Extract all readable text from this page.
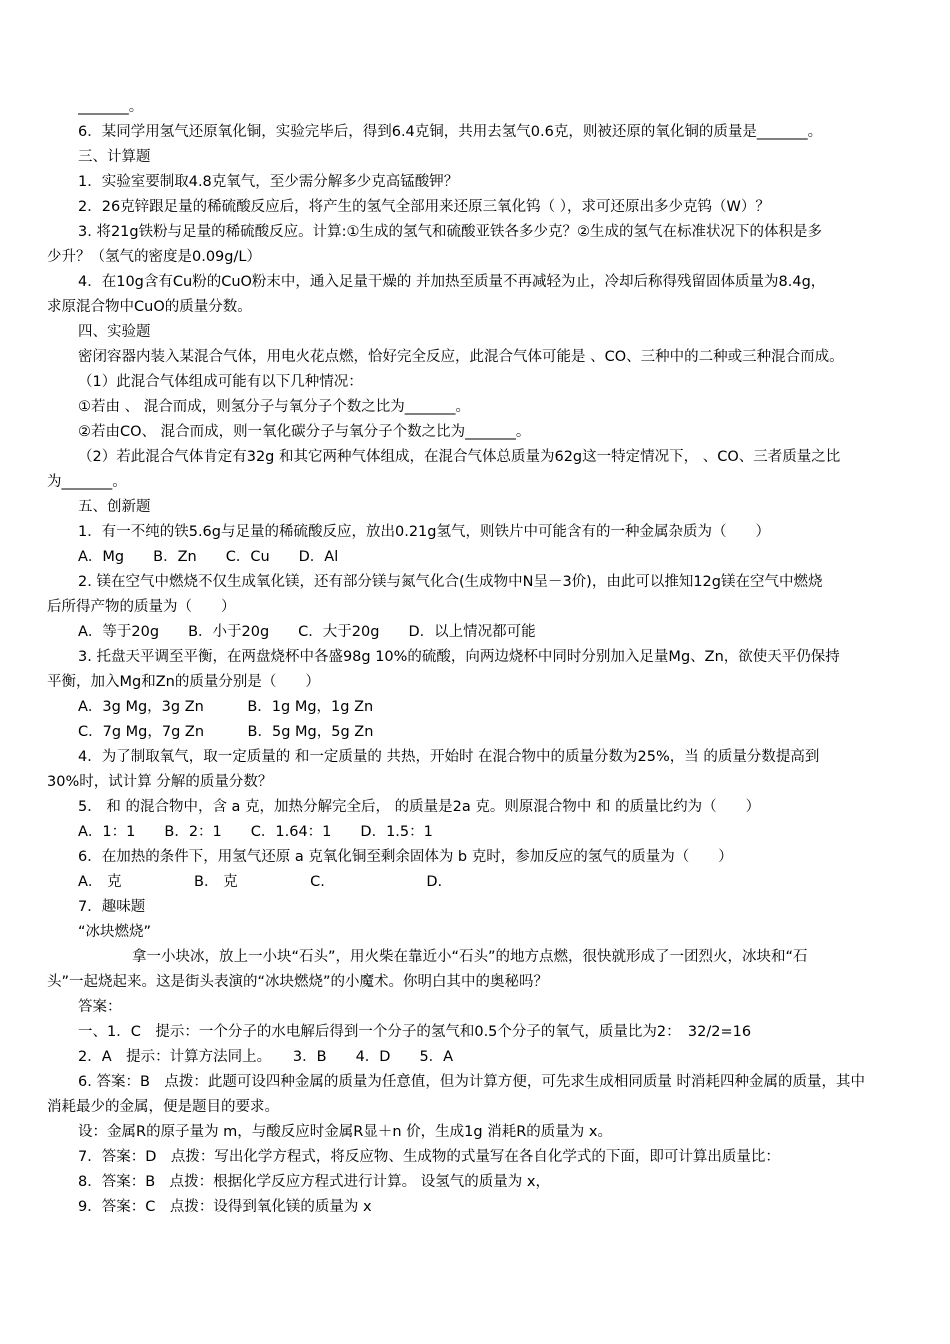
_______。
6．某同学用氢气还原氧化铜，实验完毕后，得到6.4克铜，共用去氢气0.6克，则被还原的氧化铜的质量是_______。
三、计算题
1．实验室要制取4.8克氧气，至少需分解多少克高锰酸钾？
2．26克锌跟足量的稀硫酸反应后，将产生的氢气全部用来还原三氧化钨（ ），求可还原出多少克钨（W）？
3. 将21g铁粉与足量的稀硫酸反应。计算:①生成的氢气和硫酸亚铁各多少克？②生成的氢气在标准状况下的体积是多
少升？（氢气的密度是0.09g/L）
4．在10g含有Cu粉的CuO粉末中，通入足量干燥的 并加热至质量不再减轻为止，冷却后称得残留固体质量为8.4g，
求原混合物中CuO的质量分数。
四、实验题
密闭容器内装入某混合气体，用电火花点燃，恰好完全反应，此混合气体可能是 、CO、三种中的二种或三种混合而成。
（1）此混合气体组成可能有以下几种情况：
①若由 、 混合而成，则氢分子与氧分子个数之比为_______。
②若由CO、 混合而成，则一氧化碳分子与氧分子个数之比为_______。
（2）若此混合气体肯定有32g 和其它两种气体组成，在混合气体总质量为62g这一特定情况下， 、CO、三者质量之比
为_______。
五、创新题
1．有一不纯的铁5.6g与足量的稀硫酸反应，放出0.21g氢气，则铁片中可能含有的一种金属杂质为（　　）
A．Mg　　B．Zn　　C．Cu　　D．Al
2. 镁在空气中燃烧不仅生成氧化镁，还有部分镁与氮气化合(生成物中N呈－3价)，由此可以推知12g镁在空气中燃烧
后所得产物的质量为（　　）
A．等于20g　　B．小于20g　　C．大于20g　　D．以上情况都可能
3. 托盘天平调至平衡，在两盘烧杯中各盛98g 10%的硫酸，向两边烧杯中同时分别加入足量Mg、Zn，欲使天平仍保持
平衡，加入Mg和Zn的质量分别是（　　）
A．3g Mg，3g Zn　　　B．1g Mg，1g Zn
C．7g Mg，7g Zn　　　B．5g Mg，5g Zn
4．为了制取氧气，取一定质量的 和一定质量的 共热，开始时 在混合物中的质量分数为25%，当 的质量分数提高到
30%时，试计算 分解的质量分数？
5． 和 的混合物中，含 a 克，加热分解完全后， 的质量是2a 克。则原混合物中 和 的质量比约为（　　）
A．1：1　　B．2：1　　C．1.64：1　　D．1.5：1
6．在加热的条件下，用氢气还原 a 克氧化铜至剩余固体为 b 克时，参加反应的氢气的质量为（　　）
A． 克　　　　　B． 克　　　　　C.　　　　　　　D.
7．趣味题
“冰块燃烧”
拿一小块冰，放上一小块“石头”，用火柴在靠近小“石头”的地方点燃，很快就形成了一团烈火，冰块和“石
头”一起烧起来。这是街头表演的“冰块燃烧”的小魔术。你明白其中的奥秘吗？
答案：
一、1．C　提示：一个分子的水电解后得到一个分子的氢气和0.5个分子的氧气，质量比为2：　32/2=16
2．A　提示：计算方法同上。　　3．B　　4．D　　5．A
6. 答案：B　点拨：此题可设四种金属的质量为任意值，但为计算方便，可先求生成相同质量 时消耗四种金属的质量，其中
消耗最少的金属，便是题目的要求。
设：金属R的原子量为 m，与酸反应时金属R显＋n 价，生成1g 消耗R的质量为 x。
7．答案：D　点拨：写出化学方程式，将反应物、生成物的式量写在各自化学式的下面，即可计算出质量比：
8．答案：B　点拨：根据化学反应方程式进行计算。 设氢气的质量为 x，
9．答案：C　点拨：设得到氧化镁的质量为 x
